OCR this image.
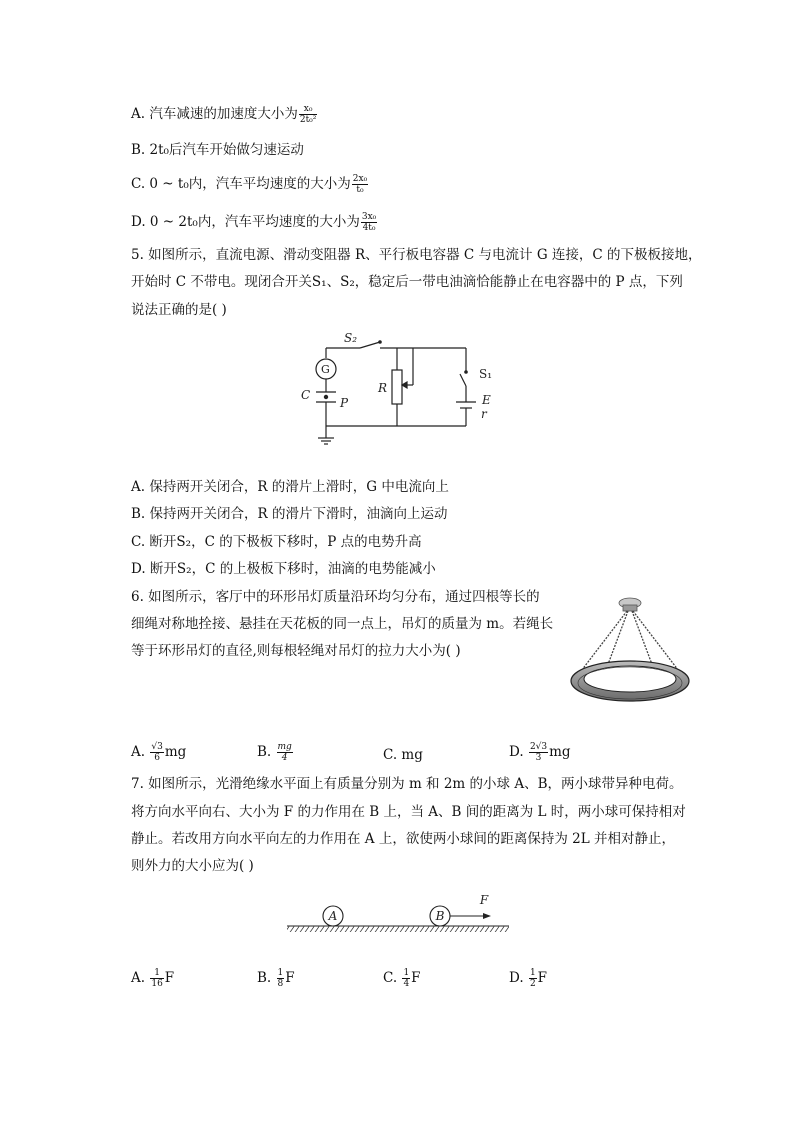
A. 汽车减速的加速度大小为 $\frac{\text{x₀}}{\text{2t₀²}}$
B. 2t₀后汽车开始做匀速运动
C. 0 ~ t₀内，汽车平均速度的大小为 $\frac{\text{2x₀}}{\text{t₀}}$
D. 0 ~ 2t₀内，汽车平均速度的大小为 $\frac{\text{3x₀}}{\text{4t₀}}$
5. 如图所示，直流电源、滑动变阻器 R、平行板电容器 C 与电流计 G 连接，C 的下极板接地，
开始时 C 不带电。现闭合开关S₁、S₂，稳定后一带电油滴恰能静止在电容器中的 P 点，下列
说法正确的是( )
S₂
G
C
P
R
S₁
E
r
A. 保持两开关闭合，R 的滑片上滑时，G 中电流向上
B. 保持两开关闭合，R 的滑片下滑时，油滴向上运动
C. 断开S₂，C 的下极板下移时，P 点的电势升高
D. 断开S₂，C 的上极板下移时，油滴的电势能减小
6. 如图所示，客厅中的环形吊灯质量沿环均匀分布，通过四根等长的
细绳对称地拴接、悬挂在天花板的同一点上，吊灯的质量为 m。若绳长
等于环形吊灯的直径,则每根轻绳对吊灯的拉力大小为( )
A. $\frac{√3}{6}$ mg	B. $\frac{mg}{4}$	C. mg	D. $\frac{2√3}{3}$ mg
7. 如图所示，光滑绝缘水平面上有质量分别为 m 和 2m 的小球 A、B，两小球带异种电荷。
将方向水平向右、大小为 F 的力作用在 B 上，当 A、B 间的距离为 L 时，两小球可保持相对
静止。若改用方向水平向左的力作用在 A 上，欲使两小球间的距离保持为 2L 并相对静止，
则外力的大小应为( )
A	B
F
A. $\frac{1}{16}$ F	B. $\frac{1}{8}$ F	C. $\frac{1}{4}$ F	D. $\frac{1}{2}$ F
